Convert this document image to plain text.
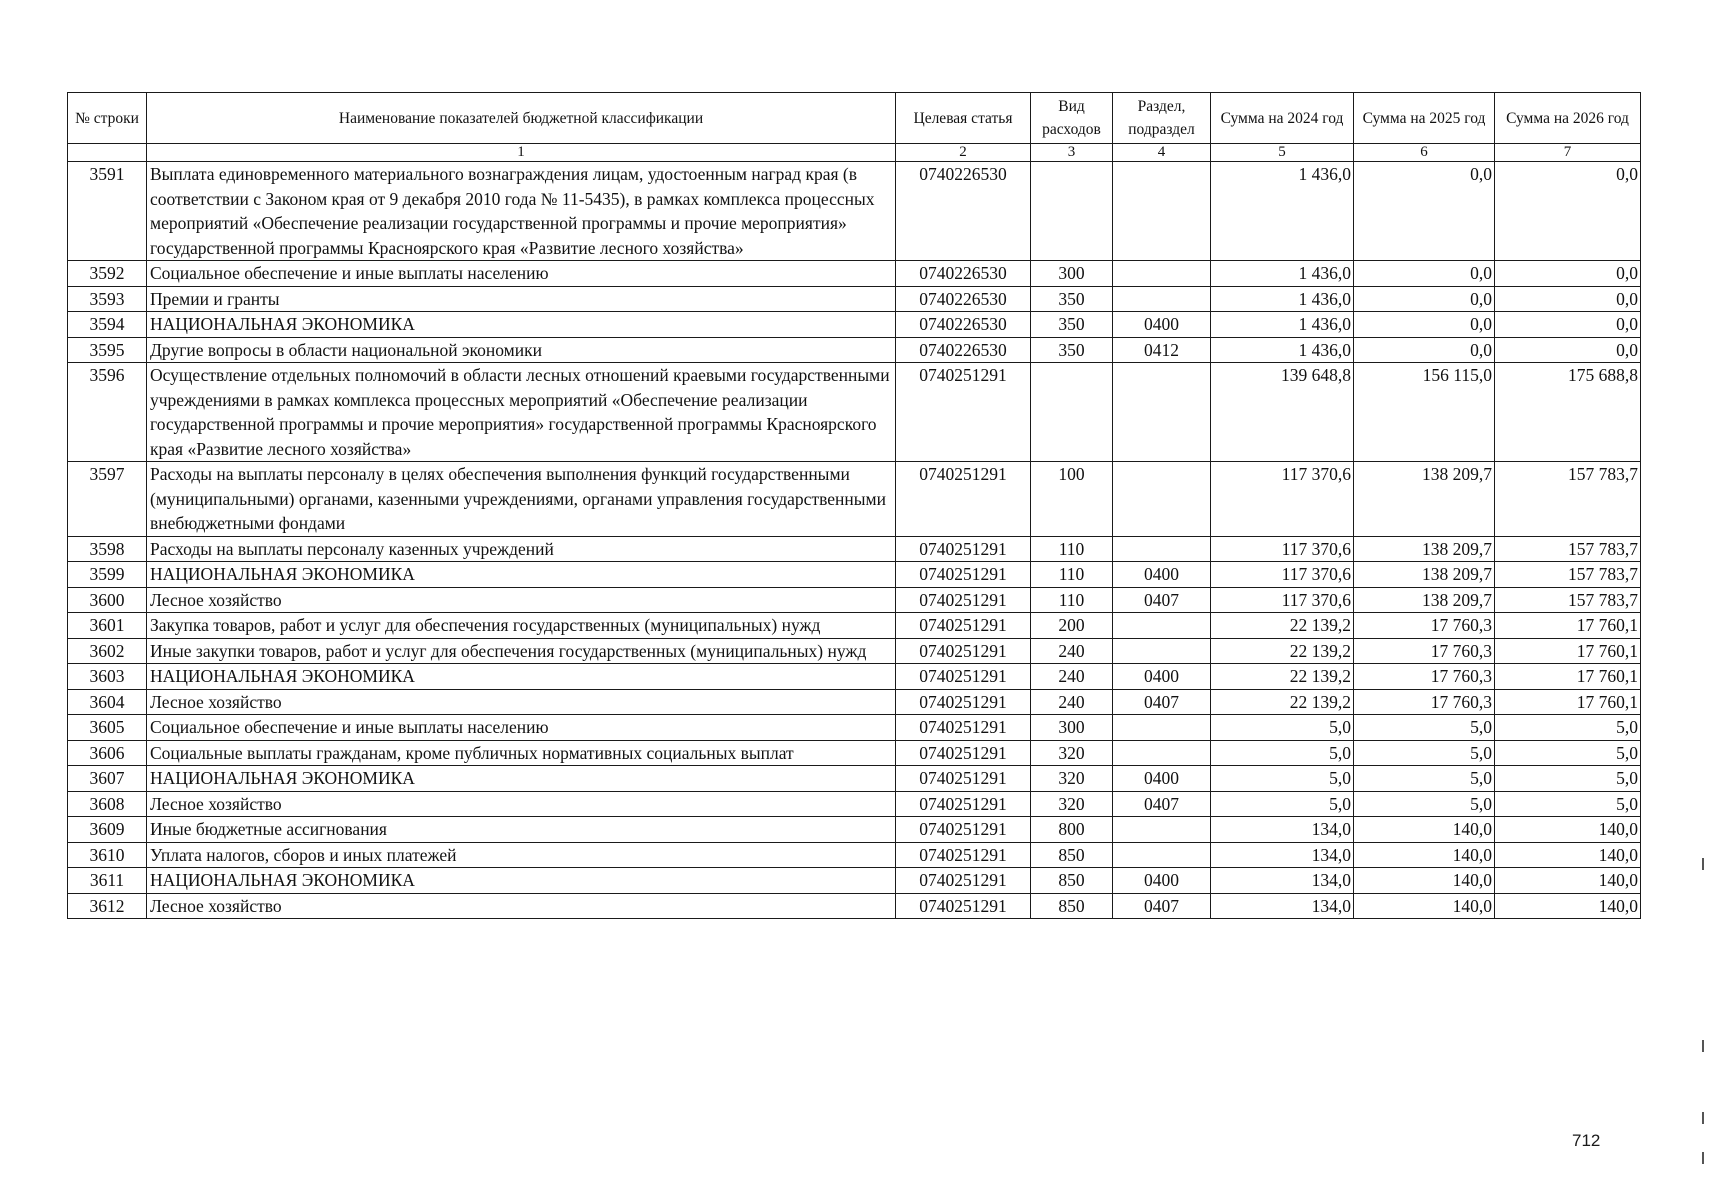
№ строки	Наименование показателей бюджетной классификации	Целевая статья	Вид расходов	Раздел, подраздел	Сумма на 2024 год	Сумма на 2025 год	Сумма на 2026 год
	1	2	3	4	5	6	7
3591	Выплата единовременного материального вознаграждения лицам, удостоенным наград края (в соответствии с Законом края от 9 декабря 2010 года № 11-5435), в рамках комплекса процессных мероприятий «Обеспечение реализации государственной программы и прочие мероприятия» государственной программы Красноярского края «Развитие лесного хозяйства»	0740226530			1 436,0	0,0	0,0
3592	Социальное обеспечение и иные выплаты населению	0740226530	300		1 436,0	0,0	0,0
3593	Премии и гранты	0740226530	350		1 436,0	0,0	0,0
3594	НАЦИОНАЛЬНАЯ ЭКОНОМИКА	0740226530	350	0400	1 436,0	0,0	0,0
3595	Другие вопросы в области национальной экономики	0740226530	350	0412	1 436,0	0,0	0,0
3596	Осуществление отдельных полномочий в области лесных отношений краевыми государственными учреждениями в рамках комплекса процессных мероприятий «Обеспечение реализации государственной программы и прочие мероприятия» государственной программы Красноярского края «Развитие лесного хозяйства»	0740251291			139 648,8	156 115,0	175 688,8
3597	Расходы на выплаты персоналу в целях обеспечения выполнения функций государственными (муниципальными) органами, казенными учреждениями, органами управления государственными внебюджетными фондами	0740251291	100		117 370,6	138 209,7	157 783,7
3598	Расходы на выплаты персоналу казенных учреждений	0740251291	110		117 370,6	138 209,7	157 783,7
3599	НАЦИОНАЛЬНАЯ ЭКОНОМИКА	0740251291	110	0400	117 370,6	138 209,7	157 783,7
3600	Лесное хозяйство	0740251291	110	0407	117 370,6	138 209,7	157 783,7
3601	Закупка товаров, работ и услуг для обеспечения государственных (муниципальных) нужд	0740251291	200		22 139,2	17 760,3	17 760,1
3602	Иные закупки товаров, работ и услуг для обеспечения государственных (муниципальных) нужд	0740251291	240		22 139,2	17 760,3	17 760,1
3603	НАЦИОНАЛЬНАЯ ЭКОНОМИКА	0740251291	240	0400	22 139,2	17 760,3	17 760,1
3604	Лесное хозяйство	0740251291	240	0407	22 139,2	17 760,3	17 760,1
3605	Социальное обеспечение и иные выплаты населению	0740251291	300		5,0	5,0	5,0
3606	Социальные выплаты гражданам, кроме публичных нормативных социальных выплат	0740251291	320		5,0	5,0	5,0
3607	НАЦИОНАЛЬНАЯ ЭКОНОМИКА	0740251291	320	0400	5,0	5,0	5,0
3608	Лесное хозяйство	0740251291	320	0407	5,0	5,0	5,0
3609	Иные бюджетные ассигнования	0740251291	800		134,0	140,0	140,0
3610	Уплата налогов, сборов и иных платежей	0740251291	850		134,0	140,0	140,0
3611	НАЦИОНАЛЬНАЯ ЭКОНОМИКА	0740251291	850	0400	134,0	140,0	140,0
3612	Лесное хозяйство	0740251291	850	0407	134,0	140,0	140,0
712
